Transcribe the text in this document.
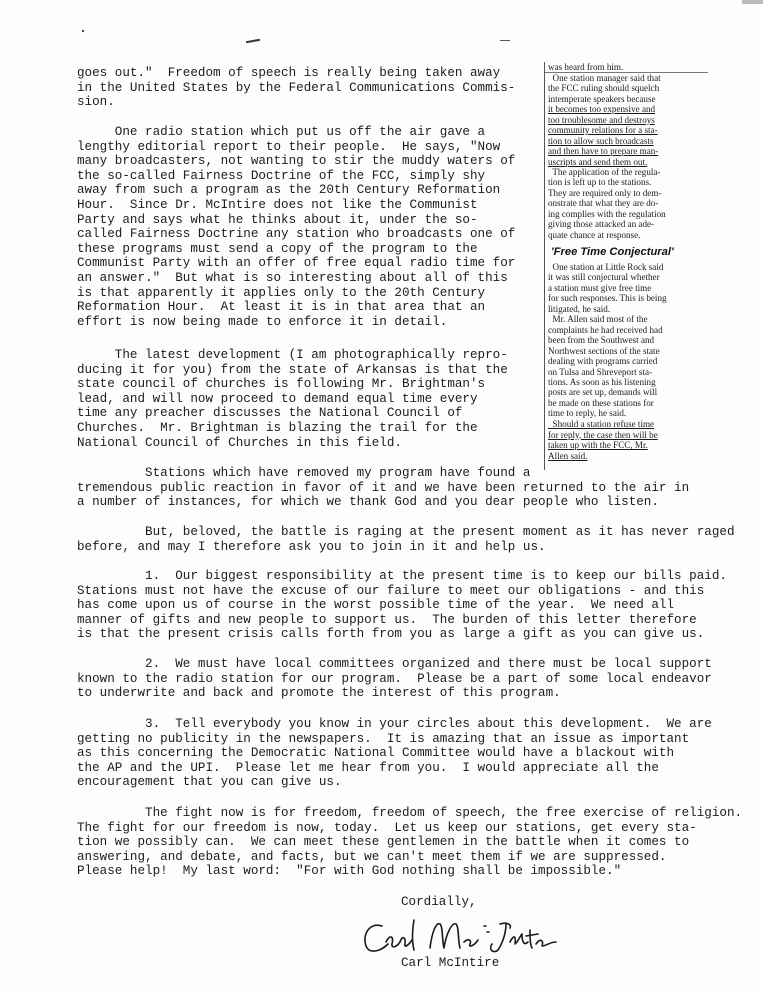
goes out."  Freedom of speech is really being taken away
in the United States by the Federal Communications Commis-
sion.
One radio station which put us off the air gave a
lengthy editorial report to their people.  He says, "Now
many broadcasters, not wanting to stir the muddy waters of
the so-called Fairness Doctrine of the FCC, simply shy
away from such a program as the 20th Century Reformation
Hour.  Since Dr. McIntire does not like the Communist
Party and says what he thinks about it, under the so-
called Fairness Doctrine any station who broadcasts one of
these programs must send a copy of the program to the
Communist Party with an offer of free equal radio time for
an answer."  But what is so interesting about all of this
is that apparently it applies only to the 20th Century
Reformation Hour.  At least it is in that area that an
effort is now being made to enforce it in detail.
The latest development (I am photographically repro-
ducing it for you) from the state of Arkansas is that the
state council of churches is following Mr. Brightman's
lead, and will now proceed to demand equal time every
time any preacher discusses the National Council of
Churches.  Mr. Brightman is blazing the trail for the
National Council of Churches in this field.
Stations which have removed my program have found a
tremendous public reaction in favor of it and we have been returned to the air in
a number of instances, for which we thank God and you dear people who listen.
But, beloved, the battle is raging at the present moment as it has never raged
before, and may I therefore ask you to join in it and help us.
1.  Our biggest responsibility at the present time is to keep our bills paid.
Stations must not have the excuse of our failure to meet our obligations - and this
has come upon us of course in the worst possible time of the year.  We need all
manner of gifts and new people to support us.  The burden of this letter therefore
is that the present crisis calls forth from you as large a gift as you can give us.
2.  We must have local committees organized and there must be local support
known to the radio station for our program.  Please be a part of some local endeavor
to underwrite and back and promote the interest of this program.
3.  Tell everybody you know in your circles about this development.  We are
getting no publicity in the newspapers.  It is amazing that an issue as important
as this concerning the Democratic National Committee would have a blackout with
the AP and the UPI.  Please let me hear from you.  I would appreciate all the
encouragement that you can give us.
The fight now is for freedom, freedom of speech, the free exercise of religion.
The fight for our freedom is now, today.  Let us keep our stations, get every sta-
tion we possibly can.  We can meet these gentlemen in the battle when it comes to
answering, and debate, and facts, but we can't meet them if we are suppressed.
Please help!  My last word:  "For with God nothing shall be impossible."
Cordially,
Carl McIntire

was heard from him.

One station manager said that

the FCC ruling should squelch

intemperate speakers because

it becomes too expensive and

too troublesome and destroys

community relations for a sta-

tion to allow such broadcasts

and then have to prepare man-

uscripts and send them out.

The application of the regula-
tion is left up to the stations.
They are required only to dem-
onstrate that what they are do-
ing complies with the regulation
giving those attacked an ade-
quate chance at response.

'Free Time Conjectural'

One station at Little Rock said
it was still conjectural whether
a station must give free time
for such responses. This is being
litigated, he said.
Mr. Allen said most of the
complaints he had received had
been from the Southwest and
Northwest sections of the state
dealing with programs carried
on Tulsa and Shreveport sta-
tions. As soon as his listening
posts are set up, demands will
be made on these stations for
time to reply, he said.

Should a station refuse time

for reply, the case then will be

taken up with the FCC, Mr.

Allen said.
